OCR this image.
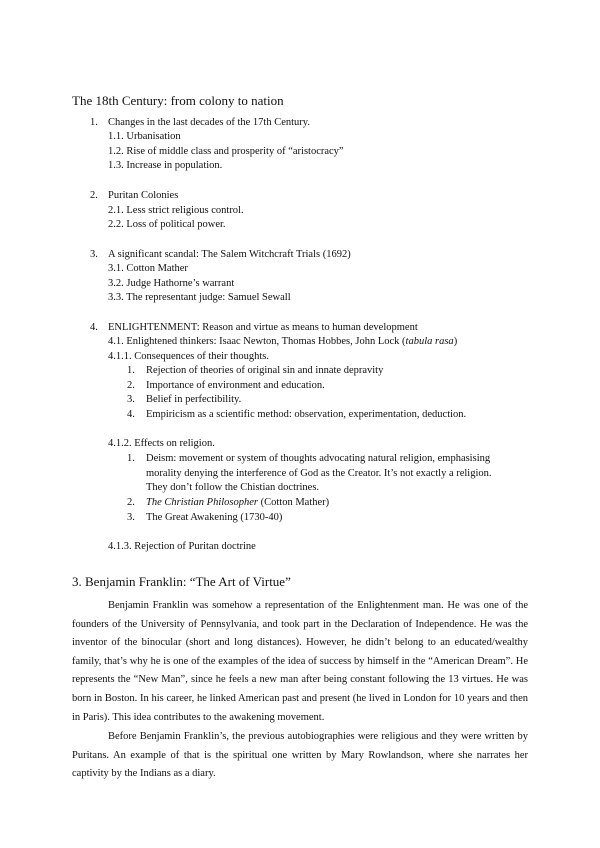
The 18th Century: from colony to nation
1. Changes in the last decades of the 17th Century.
1.1. Urbanisation
1.2. Rise of middle class and prosperity of “aristocracy”
1.3. Increase in population.
2. Puritan Colonies
2.1. Less strict religious control.
2.2. Loss of political power.
3. A significant scandal: The Salem Witchcraft Trials (1692)
3.1. Cotton Mather
3.2. Judge Hathorne’s warrant
3.3. The representant judge: Samuel Sewall
4. ENLIGHTENMENT: Reason and virtue as means to human development
4.1. Enlightened thinkers: Isaac Newton, Thomas Hobbes, John Lock (tabula rasa)
4.1.1. Consequences of their thoughts.
1. Rejection of theories of original sin and innate depravity
2. Importance of environment and education.
3. Belief in perfectibility.
4. Empiricism as a scientific method: observation, experimentation, deduction.
4.1.2. Effects on religion.
1. Deism: movement or system of thoughts advocating natural religion, emphasising
morality denying the interference of God as the Creator. It’s not exactly a religion.
They don’t follow the Chistian doctrines.
2. The Christian Philosopher (Cotton Mather)
3. The Great Awakening (1730-40)
4.1.3. Rejection of Puritan doctrine
3. Benjamin Franklin: “The Art of Virtue”

Benjamin Franklin was somehow a representation of the Enlightenment man. He was one of the founders of the University of Pennsylvania, and took part in the Declaration of Independence. He was the inventor of the binocular (short and long distances). However, he didn’t belong to an educated/wealthy family, that’s why he is one of the examples of the idea of success by himself in the “American Dream”. He represents the “New Man”, since he feels a new man after being constant following the 13 virtues. He was born in Boston. In his career, he linked American past and present (he lived in London for 10 years and then in Paris). This idea contributes to the awakening movement.

Before Benjamin Franklin’s, the previous autobiographies were religious and they were written by Puritans. An example of that is the spiritual one written by Mary Rowlandson, where she narrates her captivity by the Indians as a diary.
